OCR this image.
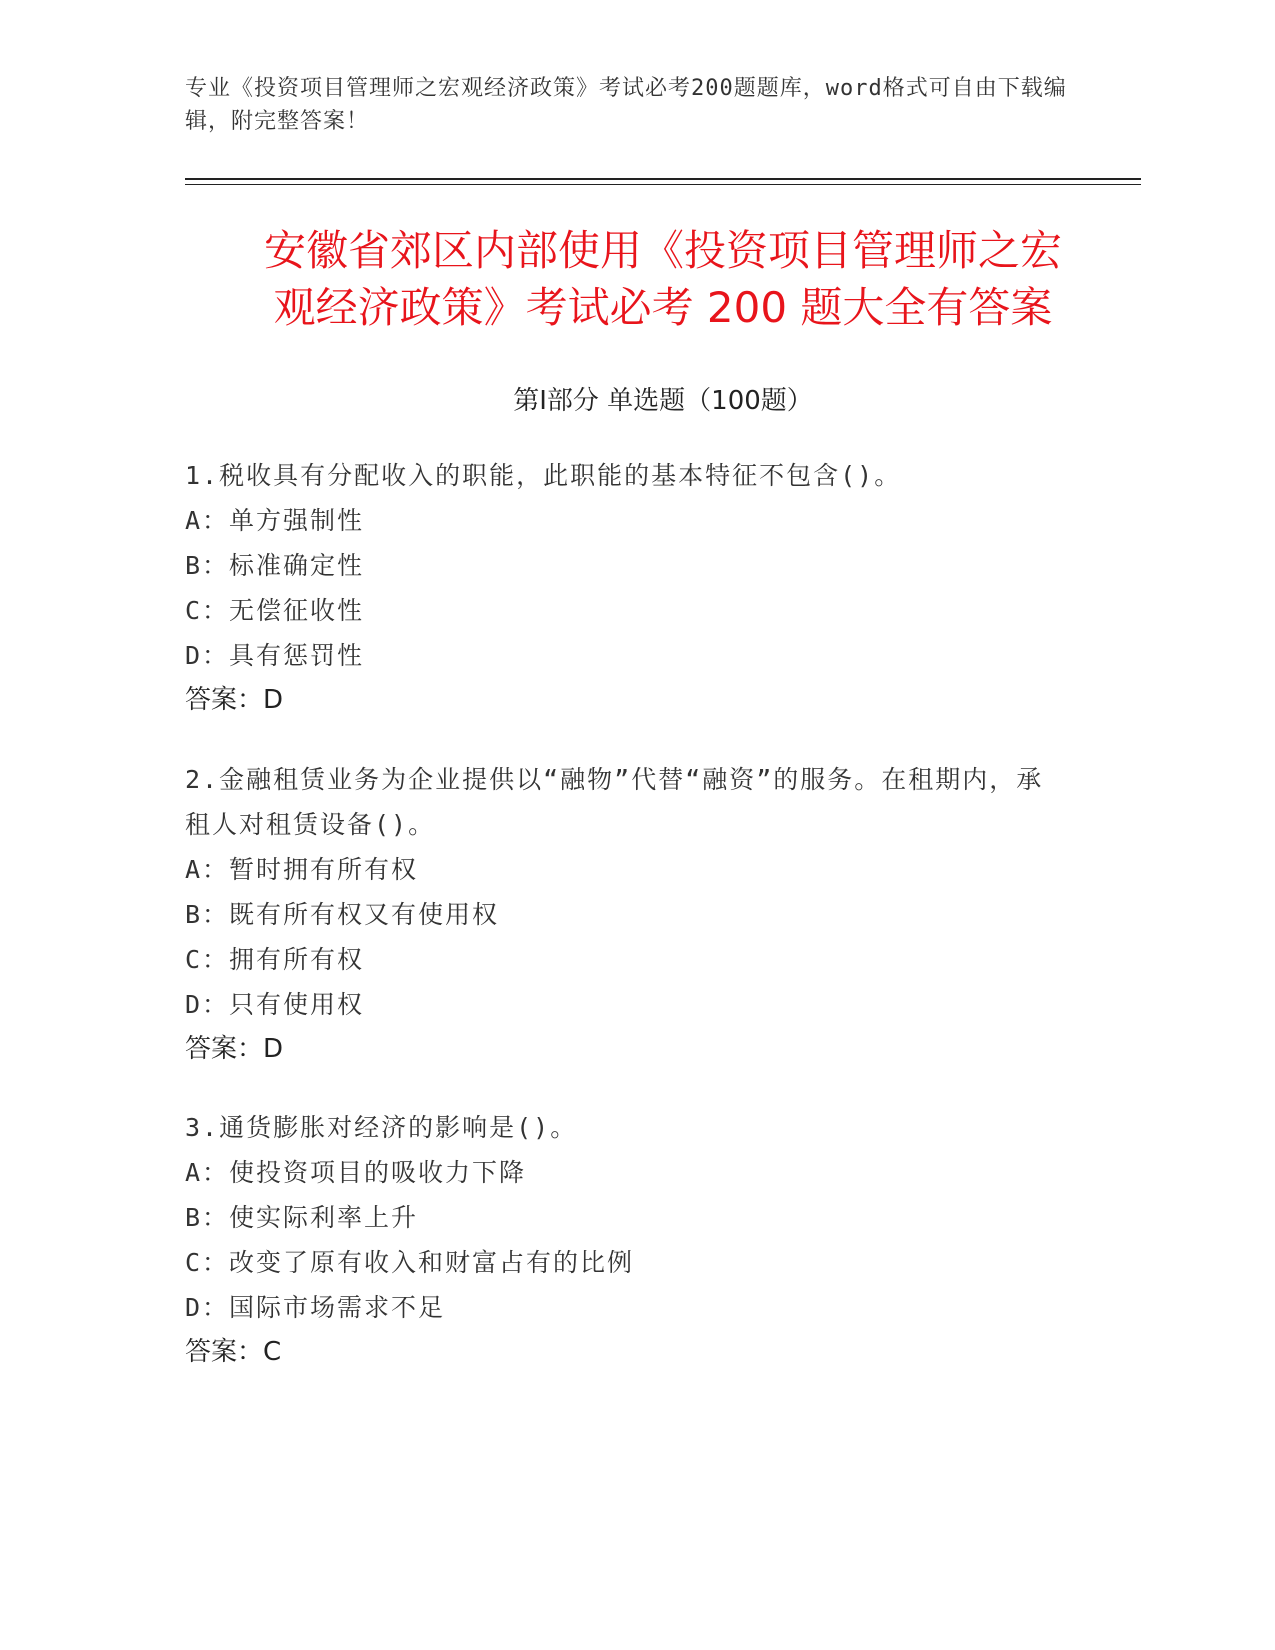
专业《投资项目管理师之宏观经济政策》考试必考200题题库，word格式可自由下载编辑，附完整答案！
安徽省郊区内部使用《投资项目管理师之宏
观经济政策》考试必考 200 题大全有答案
第Ⅰ部分 单选题（100题）
1.税收具有分配收入的职能，此职能的基本特征不包含()。
A：单方强制性
B：标准确定性
C：无偿征收性
D：具有惩罚性
答案：D
2.金融租赁业务为企业提供以“融物”代替“融资”的服务。在租期内，承租人对租赁设备()。
A：暂时拥有所有权
B：既有所有权又有使用权
C：拥有所有权
D：只有使用权
答案：D
3.通货膨胀对经济的影响是()。
A：使投资项目的吸收力下降
B：使实际利率上升
C：改变了原有收入和财富占有的比例
D：国际市场需求不足
答案：C
